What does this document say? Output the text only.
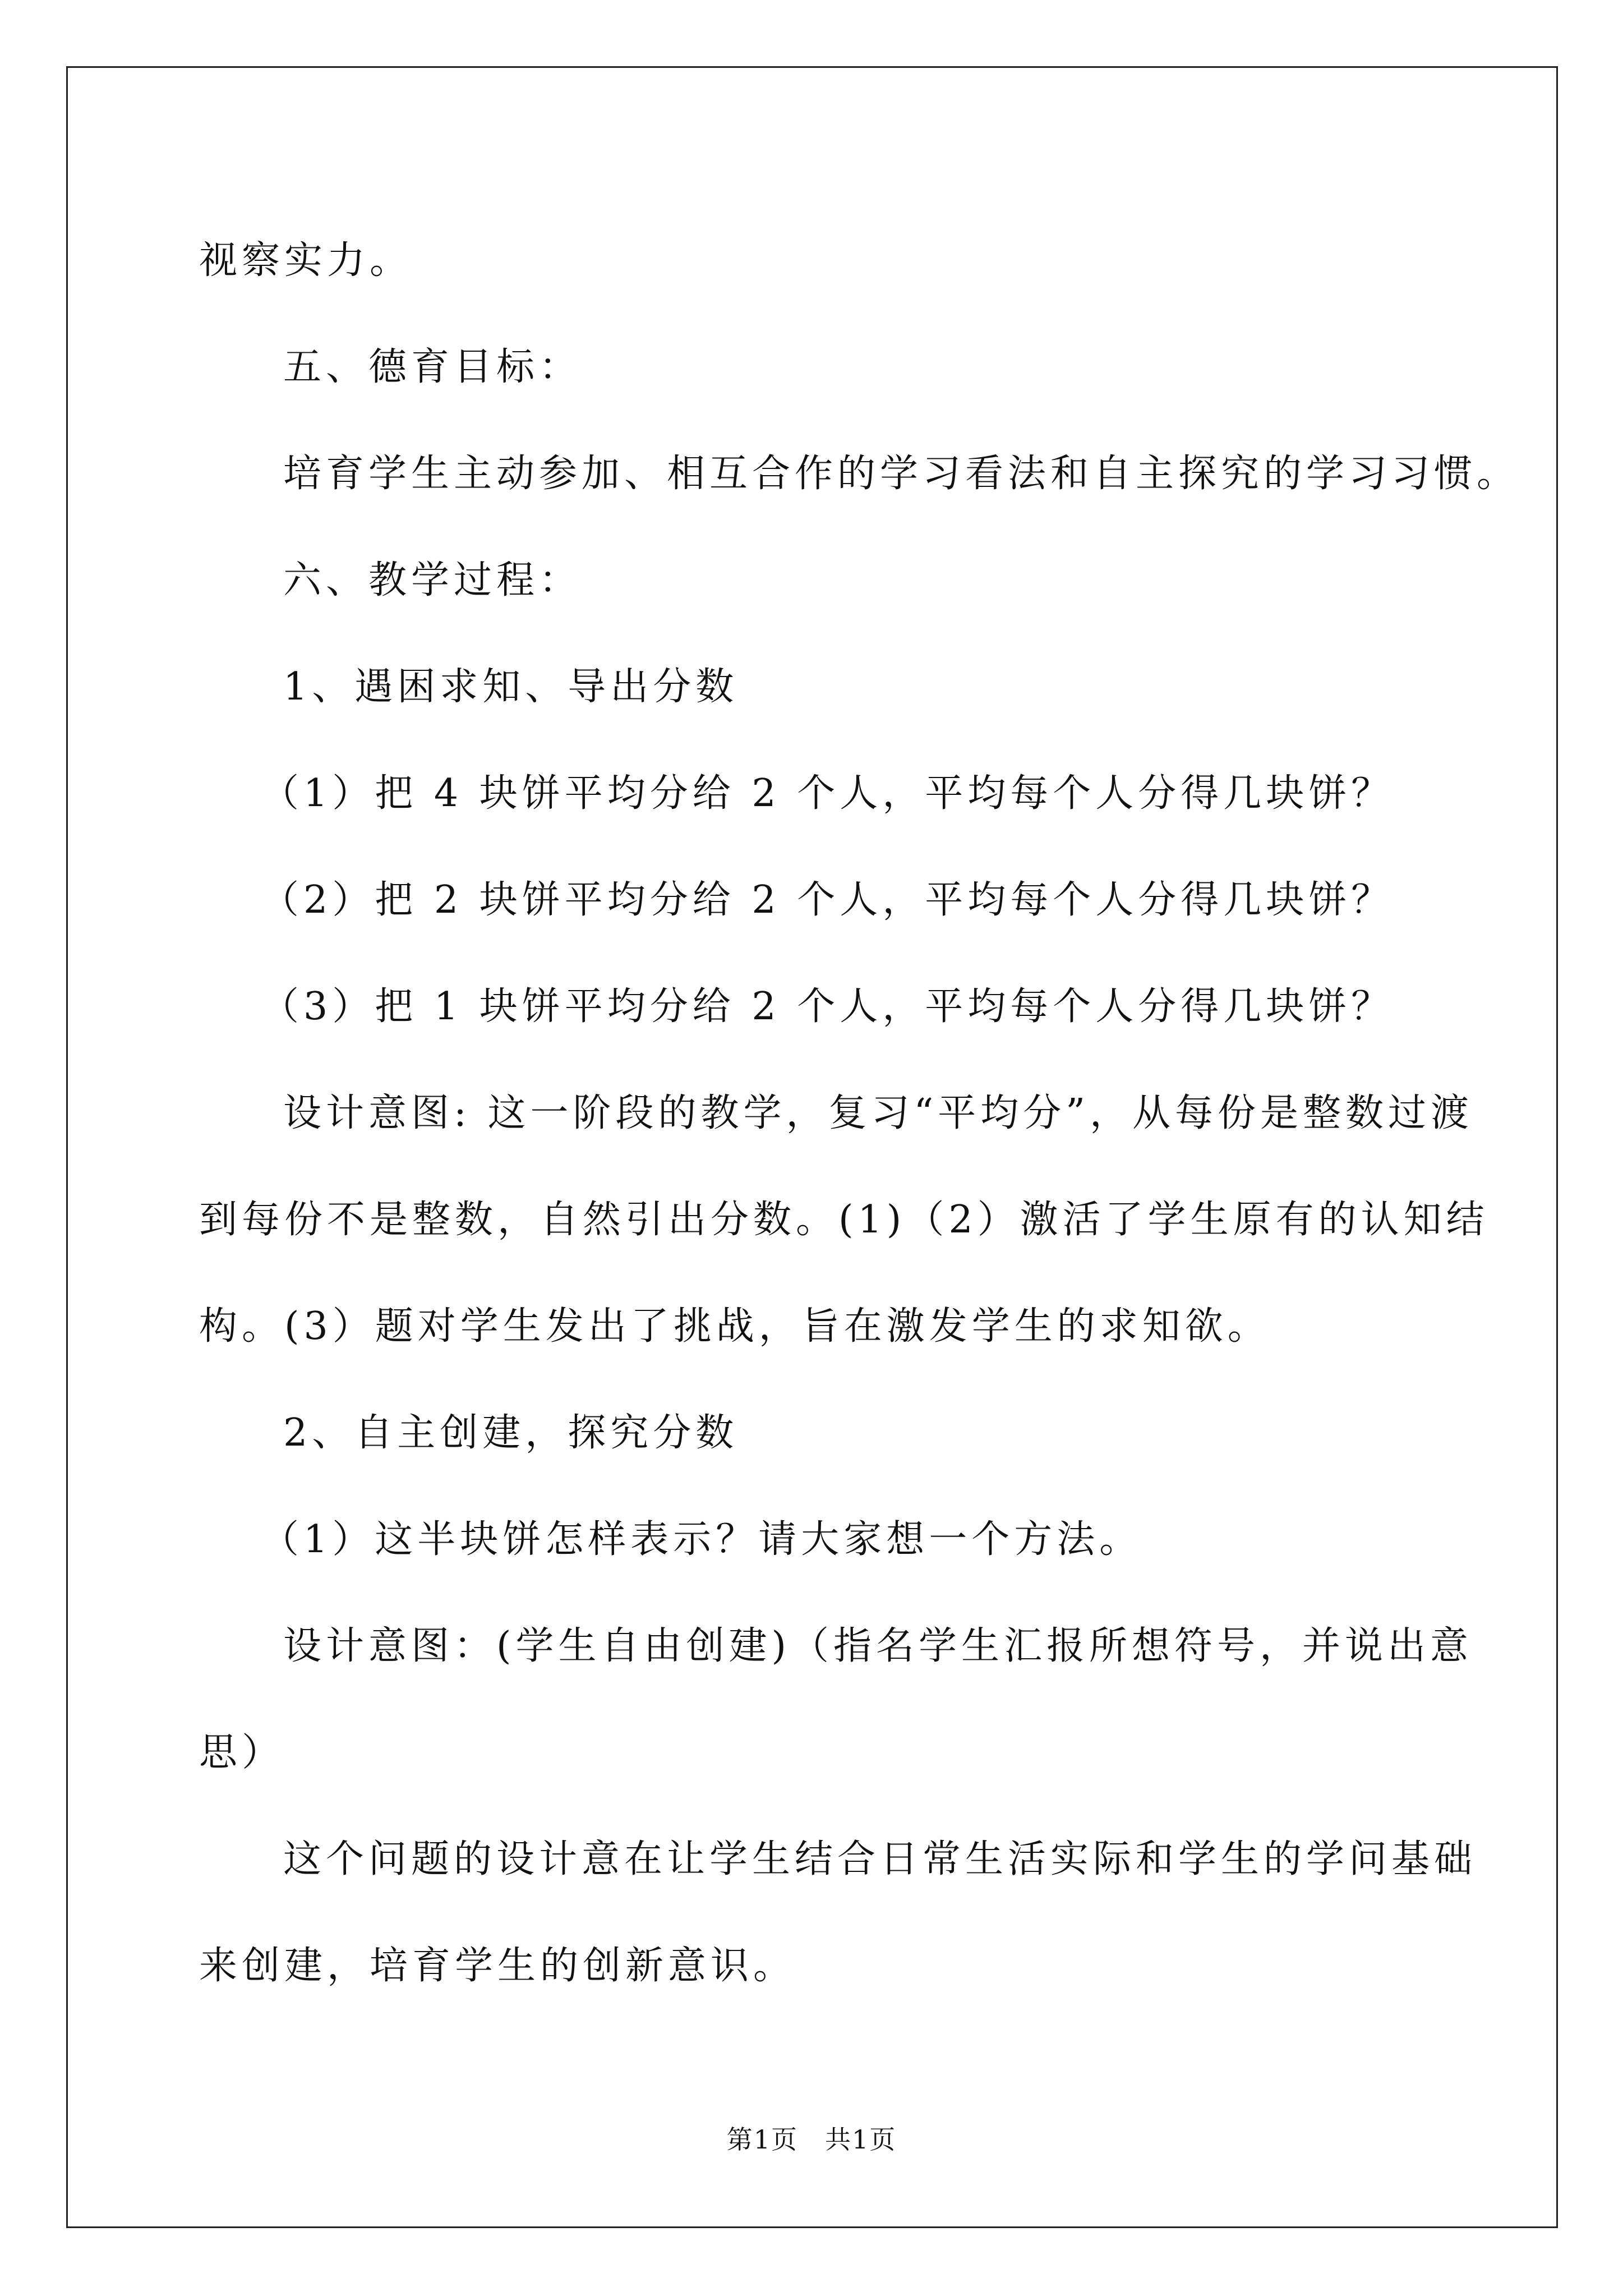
视察实力。

五、德育目标：

培育学生主动参加、相互合作的学习看法和自主探究的学习习惯。

六、教学过程：

1、遇困求知、导出分数

（1）把 4 块饼平均分给 2 个人，平均每个人分得几块饼？

（2）把 2 块饼平均分给 2 个人，平均每个人分得几块饼？

（3）把 1 块饼平均分给 2 个人，平均每个人分得几块饼？

设计意图: 这一阶段的教学，复习“平均分”，从每份是整数过渡

到每份不是整数，自然引出分数。(1)（2）激活了学生原有的认知结

构。(3）题对学生发出了挑战，旨在激发学生的求知欲。

2、自主创建，探究分数

（1）这半块饼怎样表示？请大家想一个方法。

设计意图：(学生自由创建)（指名学生汇报所想符号，并说出意

思）

这个问题的设计意在让学生结合日常生活实际和学生的学问基础

来创建，培育学生的创新意识。

第1页　共1页
